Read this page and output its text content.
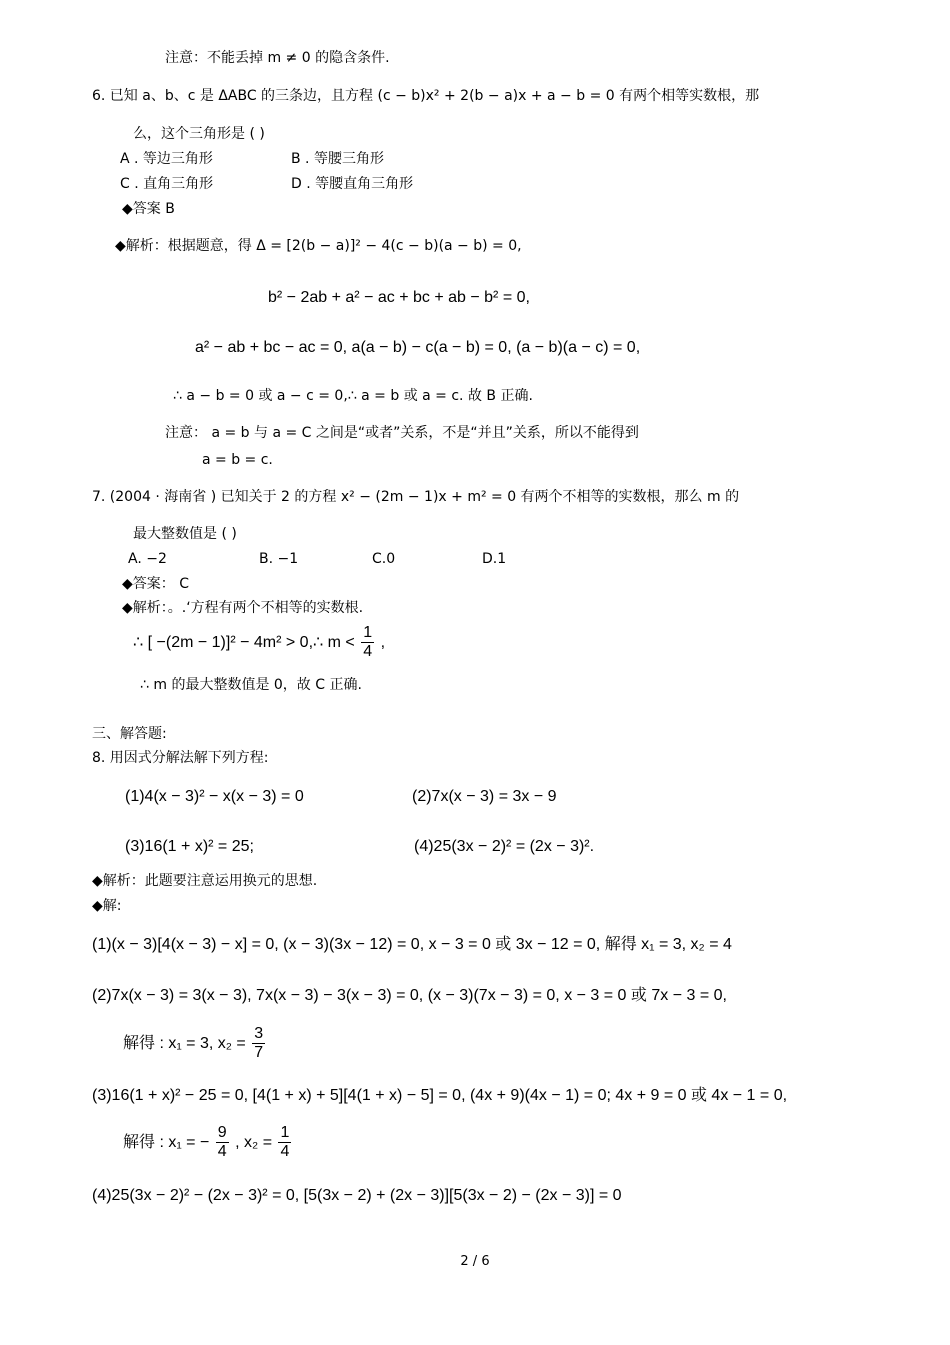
注意：不能丢掉 m ≠ 0 的隐含条件.
6. 已知 a、b、c 是 ΔABC 的三条边，且方程 (c − b)x² + 2(b − a)x + a − b = 0 有两个相等实数根，那
么，这个三角形是 ( )
A . 等边三角形	B . 等腰三角形
C . 直角三角形	D . 等腰直角三角形
◆答案 B
◆解析：根据题意，得 Δ = [2(b − a)]² − 4(c − b)(a − b) = 0,
b² − 2ab + a² − ac + bc + ab − b² = 0,
a² − ab + bc − ac = 0, a(a − b) − c(a − b) = 0, (a − b)(a − c) = 0,
∴ a − b = 0 或 a − c = 0,∴ a = b 或 a = c. 故 B 正确.
注意： a = b 与 a = C 之间是“或者”关系，不是“并且”关系，所以不能得到
a = b = c.
7. (2004 · 海南省 ) 已知关于 2 的方程 x² − (2m − 1)x + m² = 0 有两个不相等的实数根，那么 m 的
最大整数值是 ( )
A. −2	B. −1	C.0	D.1
◆答案： C
◆解析：。.‘方程有两个不相等的实数根.
∴ [ −(2m − 1)]² − 4m² > 0,∴ $m < \frac{1}{4}$ ,
∴ m 的最大整数值是 0，故 C 正确.
三、解答题:
8. 用因式分解法解下列方程:
(1)4(x − 3)² − x(x − 3) = 0	(2)7x(x − 3) = 3x − 9
(3)16(1 + x)² = 25;	(4)25(3x − 2)² = (2x − 3)².
◆解析：此题要注意运用换元的思想.
◆解:
(1)(x − 3)[4(x − 3) − x] = 0, (x − 3)(3x − 12) = 0, x − 3 = 0 或 3x − 12 = 0, 解得 x₁ = 3, x₂ = 4
(2)7x(x − 3) = 3(x − 3), 7x(x − 3) − 3(x − 3) = 0, (x − 3)(7x − 3) = 0, x − 3 = 0 或 7x − 3 = 0,
解得 : x₁ = 3, $x_2 = \frac{3}{7}$
(3)16(1 + x)² − 25 = 0, [4(1 + x) + 5][4(1 + x) − 5] = 0, (4x + 9)(4x − 1) = 0; 4x + 9 = 0 或 4x − 1 = 0,
解得 : x₁ = − $\frac{9}{4}$ , $x_2 = \frac{1}{4}$
(4)25(3x − 2)² − (2x − 3)² = 0, [5(3x − 2) + (2x − 3)][5(3x − 2) − (2x − 3)] = 0
2 / 6
